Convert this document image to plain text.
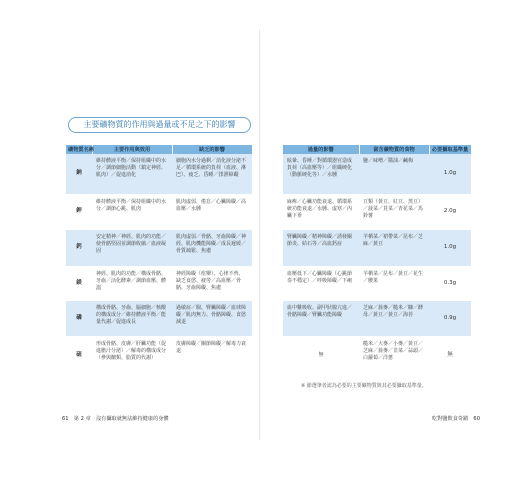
主要礦物質的作用與過量或不足之下的影響
礦物質名稱	主要作用與效用	缺乏的影響
鈉	維持體液平衡／保持組織中的水分／調節細胞活動（鎮定神經、肌肉）／促進消化	細胞內水分過剩／消化液分泌不足／循環系統的負荷（血液、淋巴）、疲乏、昏睡／排泄障礙
鉀	維持體液平衡／保持組織中的水分／調節心跳、肌肉	肌肉虛弱、倦怠／心臟障礙／高血壓／水腫
鈣	安定精神／神經、肌肉的功能／使骨骼堅固並調節收縮／血液凝固	肌肉虛弱／骨骼、牙齒障礙／神經、肌肉機能障礙／成長遲緩／骨質疏鬆、焦慮
鎂	神經、肌肉的功能／構成骨骼、牙齒／活化酵素／調節血壓、體溫	神經障礙（痙攣）、心律不齊、缺乏食慾、疲勞／高血壓／骨骼、牙齒障礙、焦慮
磷	構成骨骼、牙齒、腦細胞／核酸的構成成分／維持體液平衡／能量代謝／促進成長	過敏症／腸、腎臟障礙／血球障礙／肌肉無力、骨骼障礙、食慾減退
硫	形成骨骼、皮膚／肝臟功能（促進膽汁分泌）／解毒的構成成分（參與醣類、脂質的代謝）	皮膚障礙／關節障礙／解毒力衰退
過量的影響	富含礦物質的食物	必要攝取基準量
眩暈、昏睡／對循環器官造成負荷（高血壓等）／組織硬化（動脈硬化等）／水腫	鹽／味噌／醬油／鹹梅	1.0g
麻痺／心臟功能衰退、循環系統功能衰退／水腫、虛寒／內臟下垂	豆類（黃豆、紅豆、黑豆）／菠菜／莧菜／青花菜／馬鈴薯	2.0g
腎臟障礙／精神障礙／誘發關節炎、結石等／高血鈣症	羊栖菜／裙帶菜／昆布／芝麻／黃豆	1.0g
血壓低下／心臟障礙（心跳節奏不穩定）／呼吸障礙／下痢	羊栖菜／昆布／黃豆／花生／腰果	0.3g
血中難吸收、副甲狀腺亢進／骨骼障礙／腎臟功能障礙	芝麻／蕎麥／糙米／糠／酵母／黃豆／黃豆／海苔	0.9g
無	糙米／大麥／小麥／黃豆／芝麻／蕎麥／韭菜／蒜頭／白蘿蔔／洋蔥	無
※ 節選筆者認為必要的主要礦物質與其必要攝取基準量。
61　第 2 章　沒有攝取就無法維持健康的身體	吃對鹽飲食奇蹟　60
